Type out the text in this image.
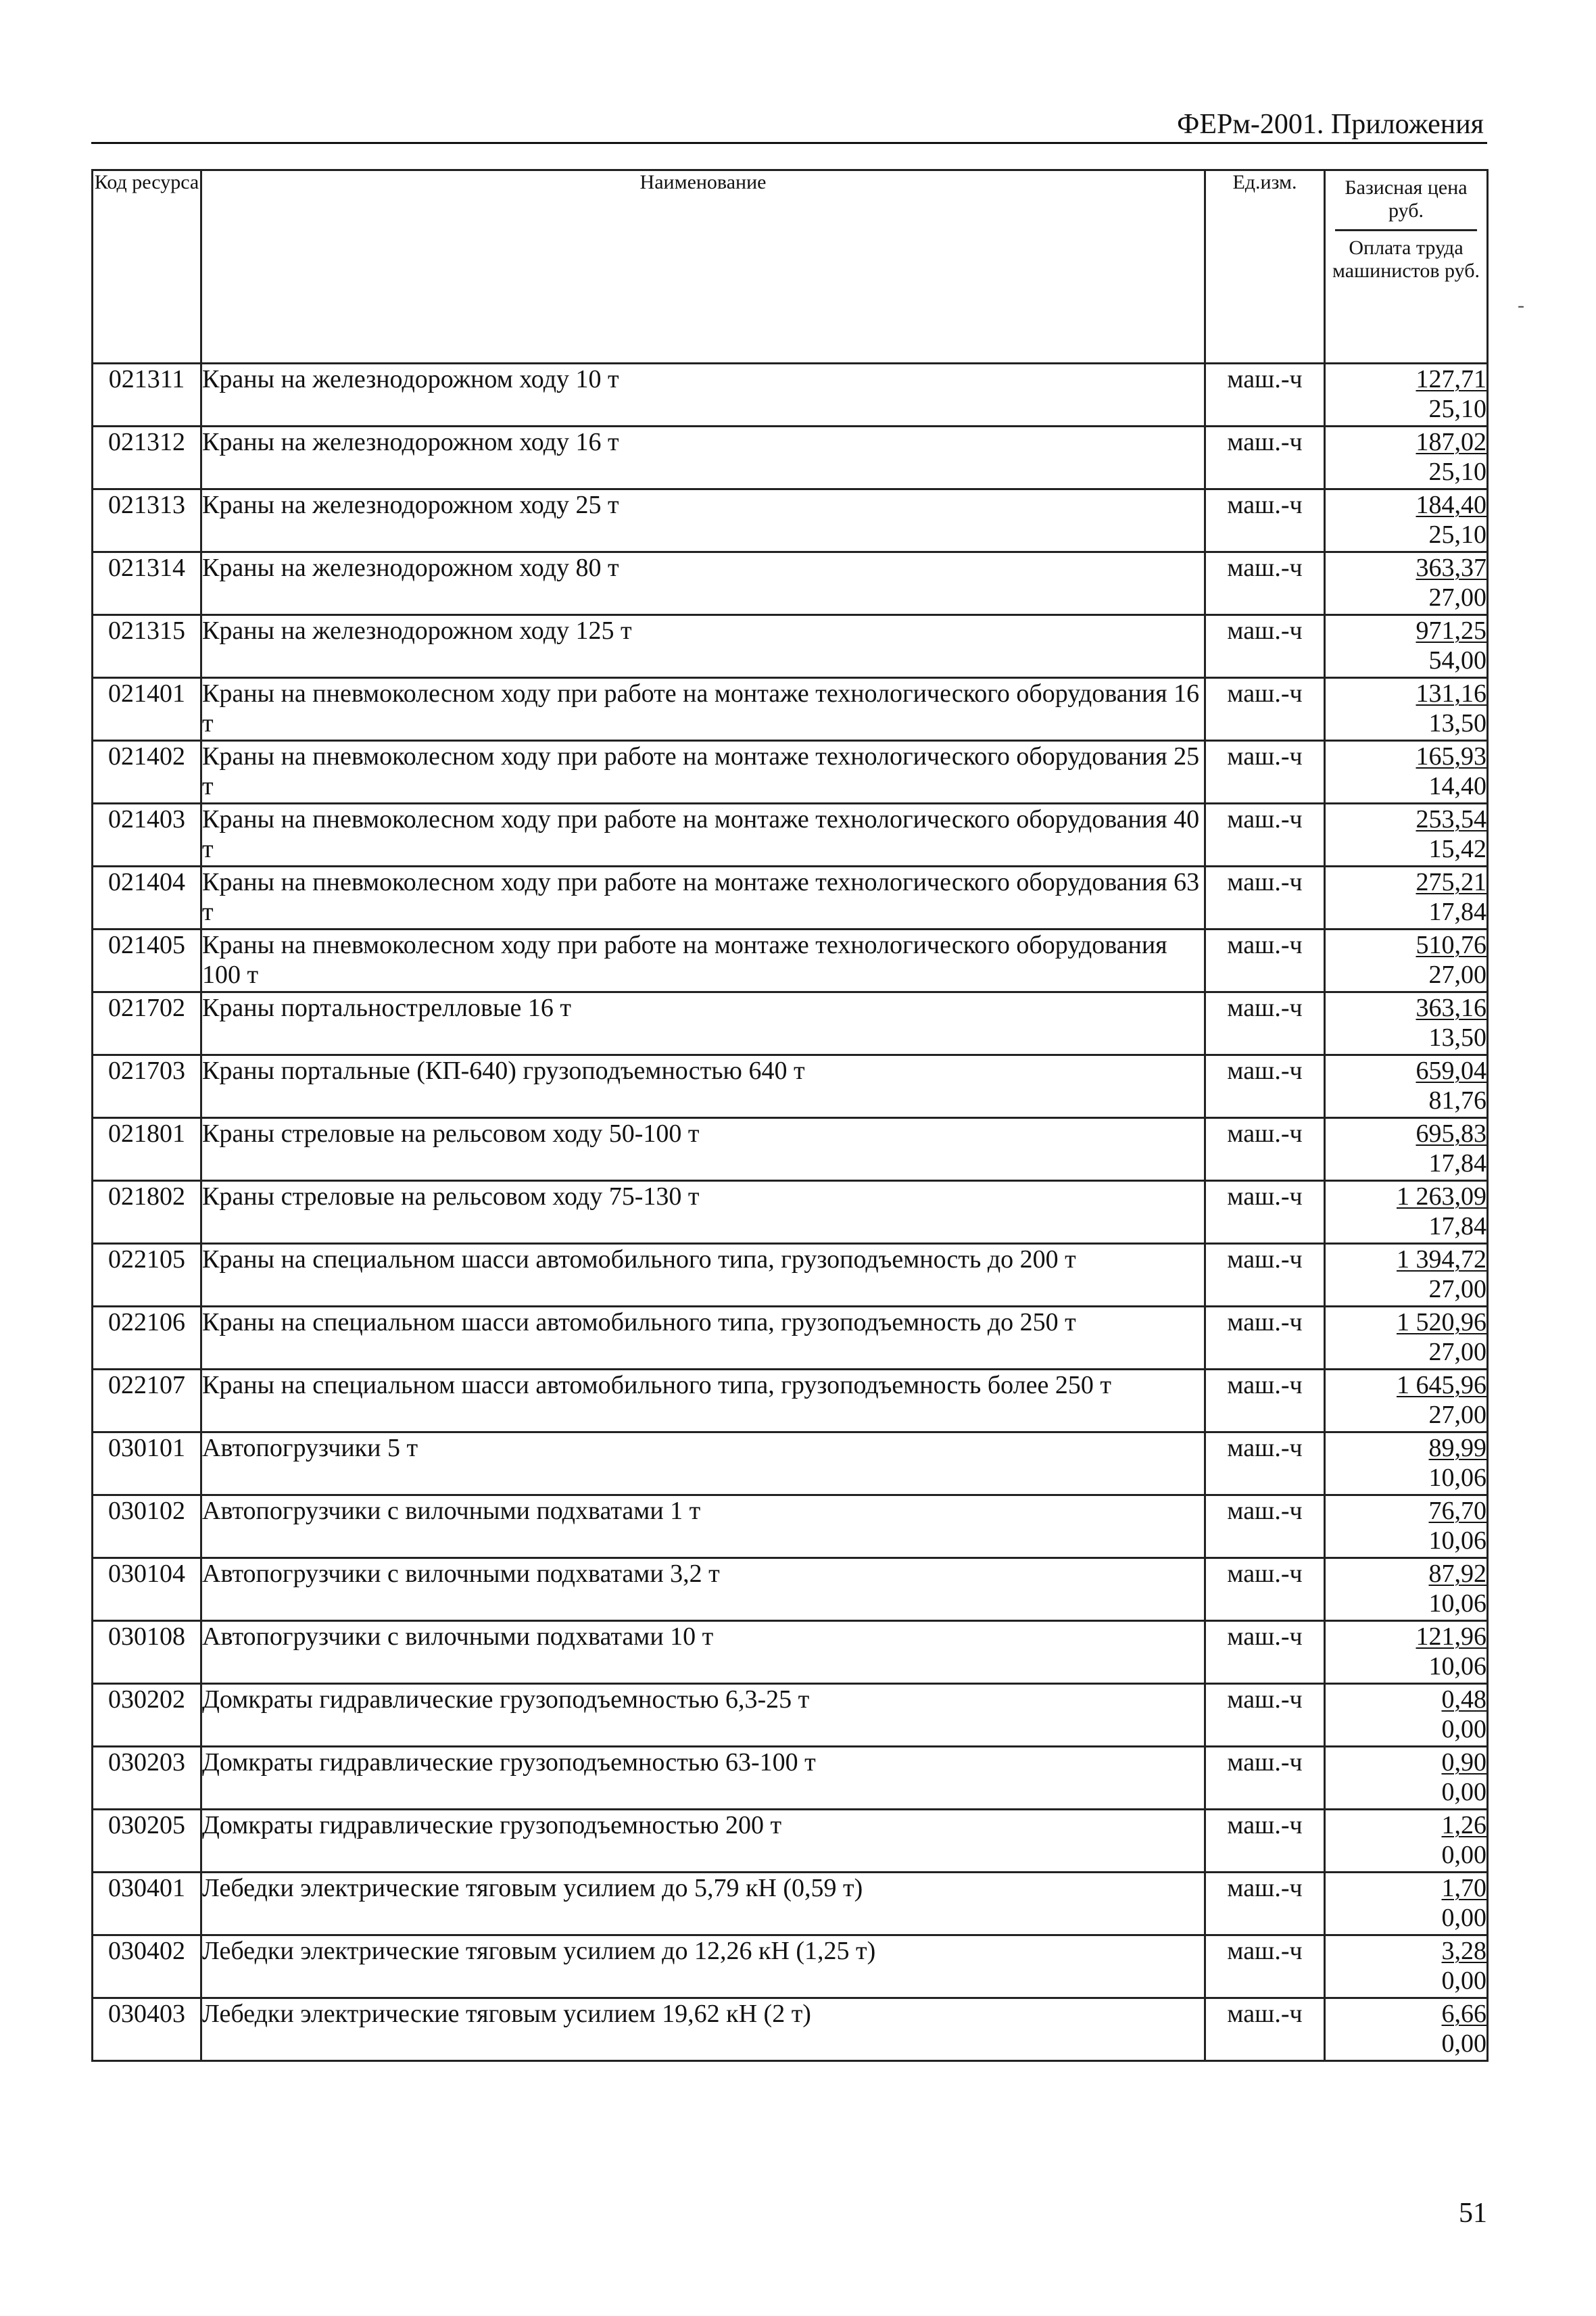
ФЕРм-2001. Приложения
-
Код ресурса	Наименование	Ед.изм.	Базисная цена руб.
Оплата труда машинистов руб.

021311	Краны на железнодорожном ходу 10 т	маш.-ч	127,71
25,10

021312	Краны на железнодорожном ходу 16 т	маш.-ч	187,02
25,10

021313	Краны на железнодорожном ходу 25 т	маш.-ч	184,40
25,10

021314	Краны на железнодорожном ходу 80 т	маш.-ч	363,37
27,00

021315	Краны на железнодорожном ходу 125 т	маш.-ч	971,25
54,00

021401	Краны на пневмоколесном ходу при работе на монтаже технологического оборудования 16 т	маш.-ч	131,16
13,50

021402	Краны на пневмоколесном ходу при работе на монтаже технологического оборудования 25 т	маш.-ч	165,93
14,40

021403	Краны на пневмоколесном ходу при работе на монтаже технологического оборудования 40 т	маш.-ч	253,54
15,42

021404	Краны на пневмоколесном ходу при работе на монтаже технологического оборудования 63 т	маш.-ч	275,21
17,84

021405	Краны на пневмоколесном ходу при работе на монтаже технологического оборудования 100 т	маш.-ч	510,76
27,00

021702	Краны портальнострелловые 16 т	маш.-ч	363,16
13,50

021703	Краны портальные (КП-640) грузоподъемностью 640 т	маш.-ч	659,04
81,76

021801	Краны стреловые на рельсовом ходу 50-100 т	маш.-ч	695,83
17,84

021802	Краны стреловые на рельсовом ходу 75-130 т	маш.-ч	1 263,09
17,84

022105	Краны на специальном шасси автомобильного типа, грузоподъемность до 200 т	маш.-ч	1 394,72
27,00

022106	Краны на специальном шасси автомобильного типа, грузоподъемность до 250 т	маш.-ч	1 520,96
27,00

022107	Краны на специальном шасси автомобильного типа, грузоподъемность более 250 т	маш.-ч	1 645,96
27,00

030101	Автопогрузчики 5 т	маш.-ч	89,99
10,06

030102	Автопогрузчики с вилочными подхватами 1 т	маш.-ч	76,70
10,06

030104	Автопогрузчики с вилочными подхватами 3,2 т	маш.-ч	87,92
10,06

030108	Автопогрузчики с вилочными подхватами 10 т	маш.-ч	121,96
10,06

030202	Домкраты гидравлические грузоподъемностью 6,3-25 т	маш.-ч	0,48
0,00

030203	Домкраты гидравлические грузоподъемностью 63-100 т	маш.-ч	0,90
0,00

030205	Домкраты гидравлические грузоподъемностью 200 т	маш.-ч	1,26
0,00

030401	Лебедки электрические тяговым усилием до 5,79 кН (0,59 т)	маш.-ч	1,70
0,00

030402	Лебедки электрические тяговым усилием до 12,26 кН (1,25 т)	маш.-ч	3,28
0,00

030403	Лебедки электрические тяговым усилием 19,62 кН (2 т)	маш.-ч	6,66
0,00
51
